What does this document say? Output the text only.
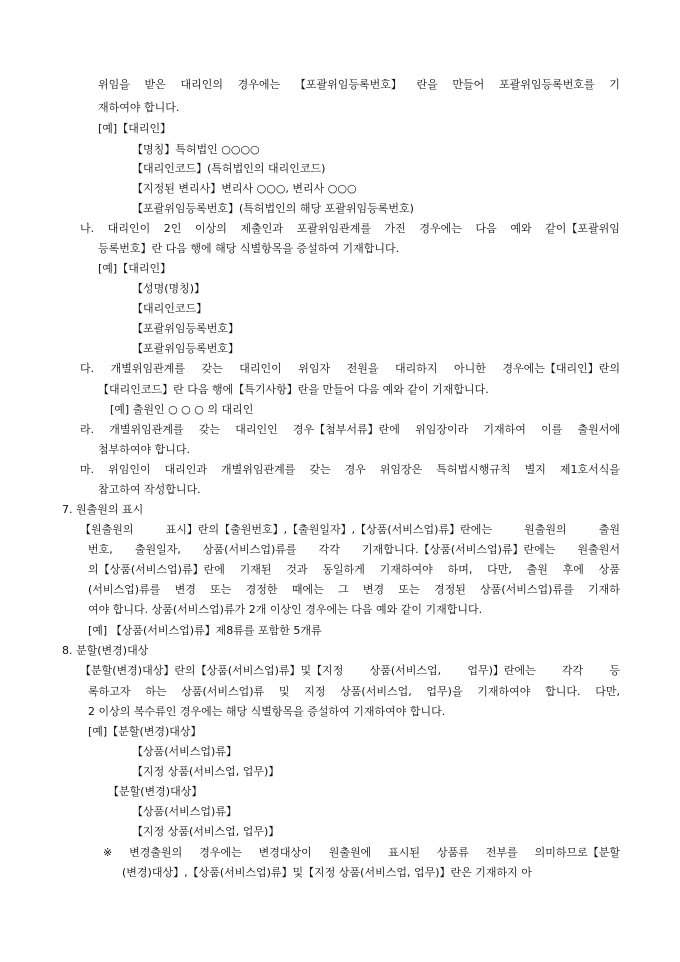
위임을 받은 대리인의 경우에는 【포괄위임등록번호】 란을 만들어 포괄위임등록번호를 기
재하여야 합니다.
[예]【대리인】
【명칭】특허법인 ○○○○
【대리인코드】(특허법인의 대리인코드)
【지정된 변리사】변리사 ○○○, 변리사 ○○○
【포괄위임등록번호】(특허법인의 해당 포괄위임등록번호)
나. 대리인이 2인 이상의 제출인과 포괄위임관계를 가진 경우에는 다음 예와 같이【포괄위임
등록번호】란 다음 행에 해당 식별항목을 증설하여 기재합니다.
[예]【대리인】
【성명(명칭)】
【대리인코드】
【포괄위임등록번호】
【포괄위임등록번호】
다. 개별위임관계를 갖는 대리인이 위임자 전원을 대리하지 아니한 경우에는【대리인】란의
【대리인코드】란 다음 행에【특기사항】란을 만들어 다음 예와 같이 기재합니다.
[예] 출원인 ○ ○ ○ 의 대리인
라. 개별위임관계를 갖는 대리인인 경우【첨부서류】란에 위임장이라 기재하여 이를 출원서에
첨부하여야 합니다.
마. 위임인이 대리인과 개별위임관계를 갖는 경우 위임장은 특허법시행규칙 별지 제1호서식을
참고하여 작성합니다.
7. 원출원의 표시
【원출원의	표시】란의【출원번호】,【출원일자】,【상품(서비스업)류】란에는	원출원의	출원
번호, 출원일자, 상품(서비스업)류를 각각 기재합니다.【상품(서비스업)류】란에는 원출원서
의【상품(서비스업)류】란에 기재된 것과 동일하게 기재하여야 하며, 다만, 출원 후에 상품
(서비스업)류를 변경 또는 경정한 때에는 그 변경 또는 경정된 상품(서비스업)류를 기재하
여야 합니다. 상품(서비스업)류가 2개 이상인 경우에는 다음 예와 같이 기재합니다.
[예] 【상품(서비스업)류】제8류를 포함한 5개류
8. 분할(변경)대상
【분할(변경)대상】란의【상품(서비스업)류】및【지정 상품(서비스업, 업무)】란에는 각각 등
록하고자 하는 상품(서비스업)류 및 지정 상품(서비스업, 업무)을 기재하여야 합니다. 다만,
2 이상의 복수류인 경우에는 해당 식별항목을 증설하여 기재하여야 합니다.
[예]【분할(변경)대상】
【상품(서비스업)류】
【지정 상품(서비스업, 업무)】
【분할(변경)대상】
【상품(서비스업)류】
【지정 상품(서비스업, 업무)】
※ 변경출원의 경우에는 변경대상이 원출원에 표시된 상품류 전부를 의미하므로【분할
(변경)대상】,【상품(서비스업)류】및【지정 상품(서비스업, 업무)】란은 기재하지 아
